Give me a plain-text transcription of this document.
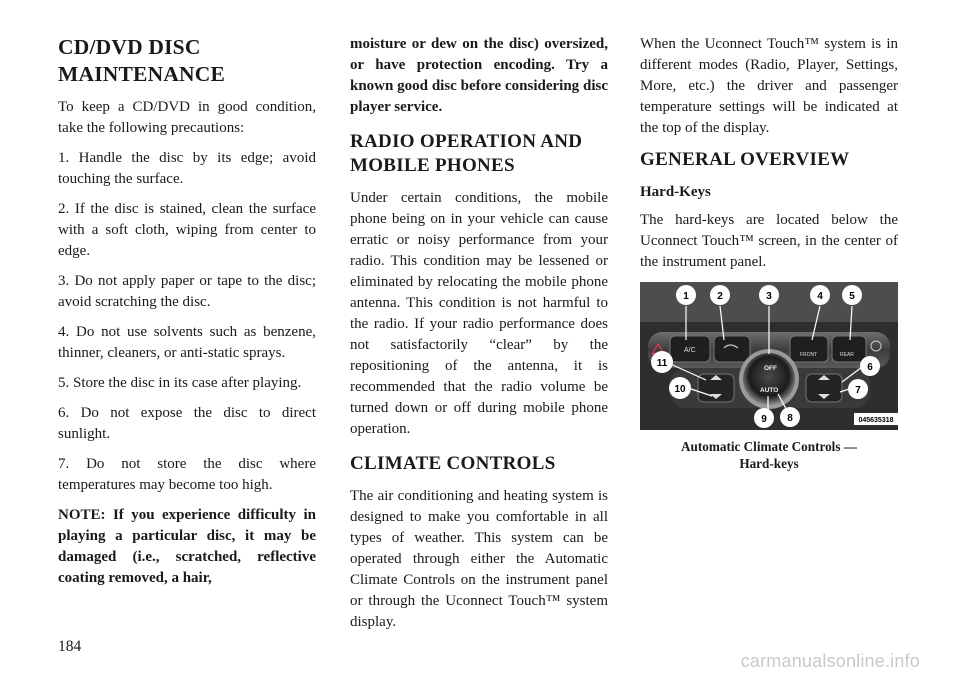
CD/DVD DISC
MAINTENANCE

To keep a CD/DVD in good condition, take the following precautions:

1. Handle the disc by its edge; avoid touching the surface.

2. If the disc is stained, clean the surface with a soft cloth, wiping from center to edge.

3. Do not apply paper or tape to the disc; avoid scratching the disc.

4. Do not use solvents such as benzene, thinner, cleaners, or anti-static sprays.

5. Store the disc in its case after playing.

6. Do not expose the disc to direct sunlight.

7. Do not store the disc where temperatures may become too high.

NOTE: If you experience difficulty in playing a particular disc, it may be damaged (i.e., scratched, reflective coating removed, a hair,

moisture or dew on the disc) oversized, or have protection encoding. Try a known good disc before considering disc player service.

RADIO OPERATION AND
MOBILE PHONES

Under certain conditions, the mobile phone being on in your vehicle can cause erratic or noisy performance from your radio. This condition may be lessened or eliminated by relocating the mobile phone antenna. This condition is not harmful to the radio. If your radio performance does not satisfactorily “clear” by the repositioning of the antenna, it is recommended that the radio volume be turned down or off during mobile phone operation.

CLIMATE CONTROLS

The air conditioning and heating system is designed to make you comfortable in all types of weather. This system can be operated through either the Automatic Climate Controls on the instrument panel or through the Uconnect Touch™ system display.

When the Uconnect Touch™ system is in different modes (Radio, Player, Settings, More, etc.) the driver and passenger temperature settings will be indicated at the top of the display.

GENERAL OVERVIEW
Hard-Keys

The hard-keys are located below the Uconnect Touch™ screen, in the center of the instrument panel.

A/C
FRONT	REAR
OFF
AUTO
1	2	3	4	5
6
7
8
9
10
11
045635318
Automatic Climate Controls —
Hard-keys
184
carmanualsonline.info
